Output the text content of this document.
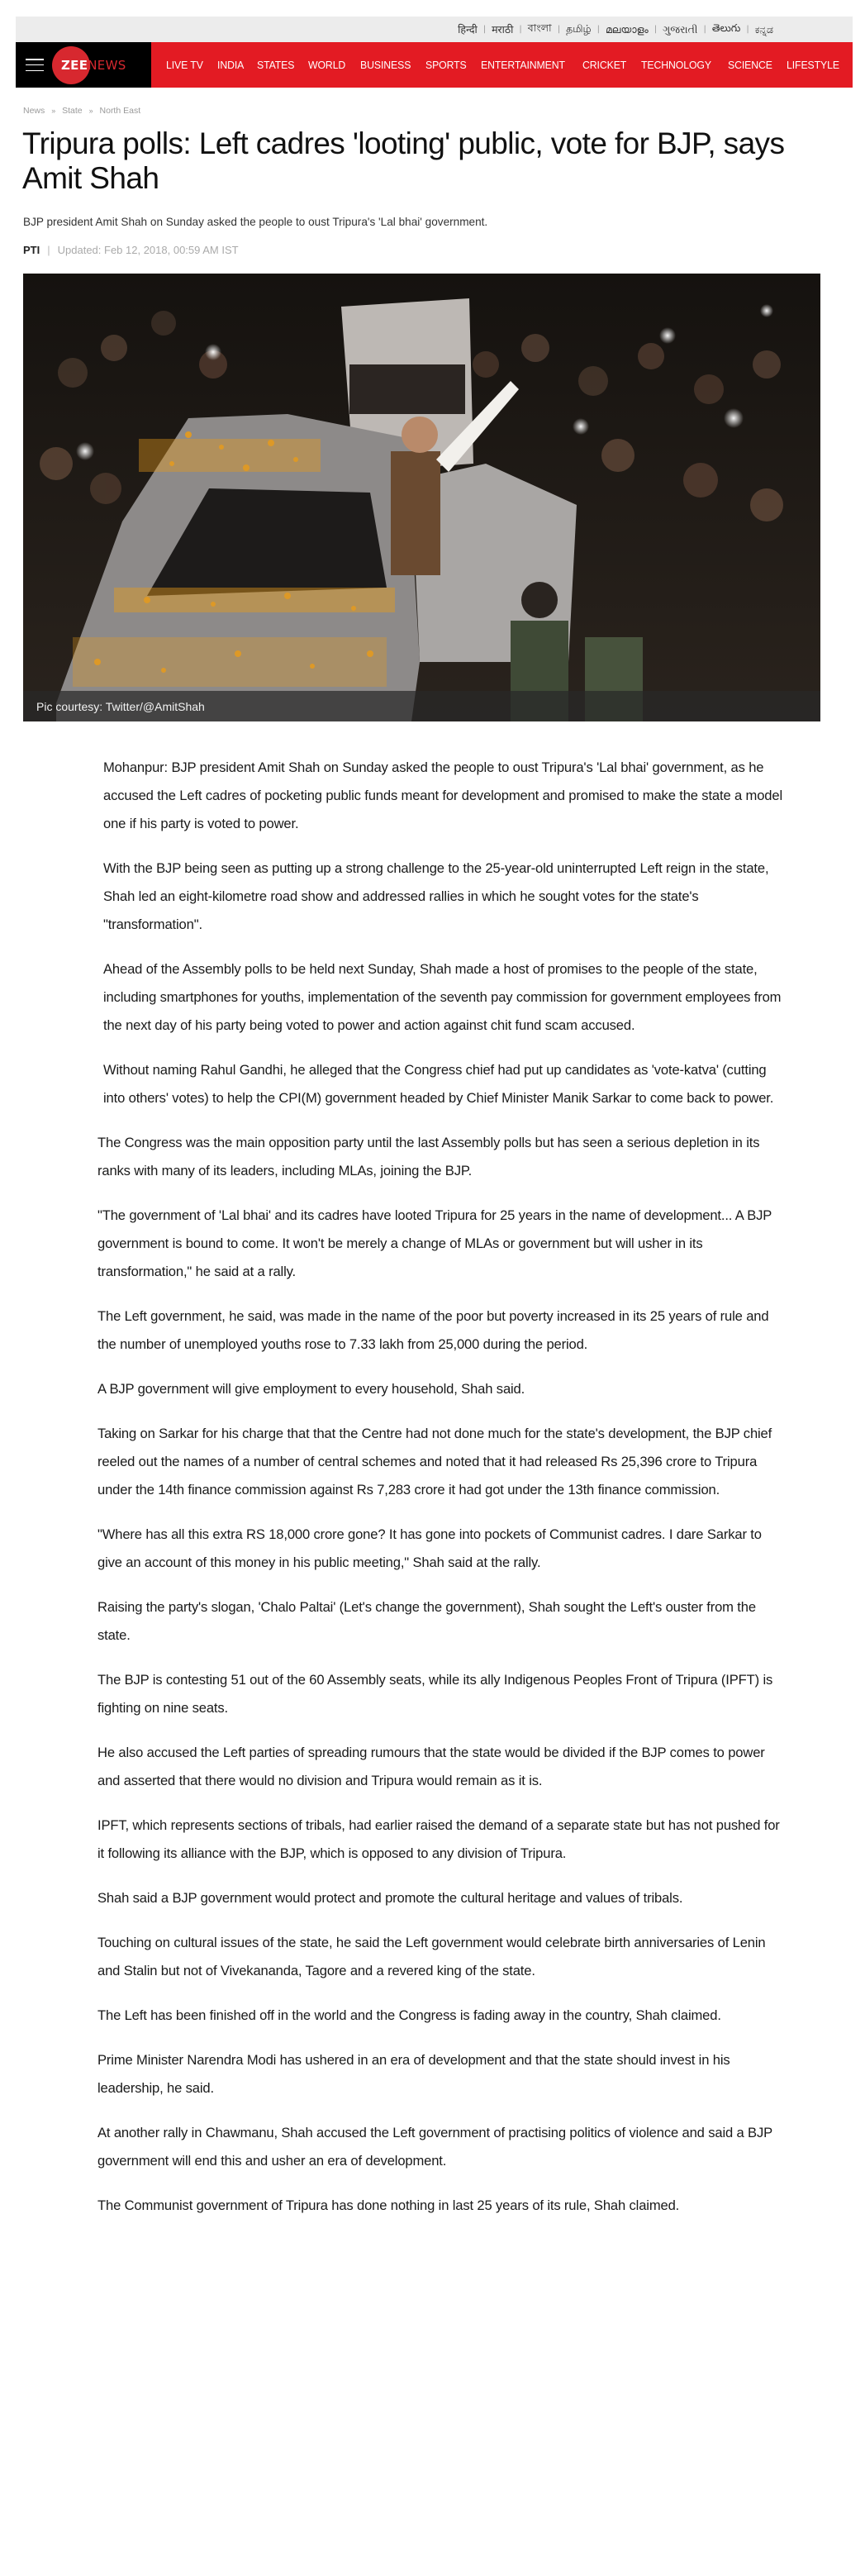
हिन्दी | मराठी | বাংলা | தமிழ் | മലയാളം | ગુજરાતી | తెలుగు | ಕನ್ನಡ
ZEENEWS	LIVE TV INDIA STATES WORLD BUSINESS SPORTS ENTERTAINMENT CRICKET TECHNOLOGY SCIENCE LIFESTYLE
News » State » North East
Tripura polls: Left cadres 'looting' public, vote for BJP, says Amit Shah
BJP president Amit Shah on Sunday asked the people to oust Tripura's 'Lal bhai' government.
PTI | Updated: Feb 12, 2018, 00:59 AM IST
Pic courtesy: Twitter/@AmitShah

Mohanpur: BJP president Amit Shah on Sunday asked the people to oust Tripura's 'Lal bhai' government, as he accused the Left cadres of pocketing public funds meant for development and promised to make the state a model one if his party is voted to power.

With the BJP being seen as putting up a strong challenge to the 25-year-old uninterrupted Left reign in the state, Shah led an eight-kilometre road show and addressed rallies in which he sought votes for the state's "transformation".

Ahead of the Assembly polls to be held next Sunday, Shah made a host of promises to the people of the state, including smartphones for youths, implementation of the seventh pay commission for government employees from the next day of his party being voted to power and action against chit fund scam accused.

Without naming Rahul Gandhi, he alleged that the Congress chief had put up candidates as 'vote-katva' (cutting into others' votes) to help the CPI(M) government headed by Chief Minister Manik Sarkar to come back to power.

The Congress was the main opposition party until the last Assembly polls but has seen a serious depletion in its ranks with many of its leaders, including MLAs, joining the BJP.

"The government of 'Lal bhai' and its cadres have looted Tripura for 25 years in the name of development... A BJP government is bound to come. It won't be merely a change of MLAs or government but will usher in its transformation," he said at a rally.

The Left government, he said, was made in the name of the poor but poverty increased in its 25 years of rule and the number of unemployed youths rose to 7.33 lakh from 25,000 during the period.

A BJP government will give employment to every household, Shah said.

Taking on Sarkar for his charge that that the Centre had not done much for the state's development, the BJP chief reeled out the names of a number of central schemes and noted that it had released Rs 25,396 crore to Tripura under the 14th finance commission against Rs 7,283 crore it had got under the 13th finance commission.

"Where has all this extra RS 18,000 crore gone? It has gone into pockets of Communist cadres. I dare Sarkar to give an account of this money in his public meeting," Shah said at the rally.

Raising the party's slogan, 'Chalo Paltai' (Let's change the government), Shah sought the Left's ouster from the state.

The BJP is contesting 51 out of the 60 Assembly seats, while its ally Indigenous Peoples Front of Tripura (IPFT) is fighting on nine seats.

He also accused the Left parties of spreading rumours that the state would be divided if the BJP comes to power and asserted that there would no division and Tripura would remain as it is.

IPFT, which represents sections of tribals, had earlier raised the demand of a separate state but has not pushed for it following its alliance with the BJP, which is opposed to any division of Tripura.

Shah said a BJP government would protect and promote the cultural heritage and values of tribals.

Touching on cultural issues of the state, he said the Left government would celebrate birth anniversaries of Lenin and Stalin but not of Vivekananda, Tagore and a revered king of the state.

The Left has been finished off in the world and the Congress is fading away in the country, Shah claimed.

Prime Minister Narendra Modi has ushered in an era of development and that the state should invest in his leadership, he said.

At another rally in Chawmanu, Shah accused the Left government of practising politics of violence and said a BJP government will end this and usher an era of development.

The Communist government of Tripura has done nothing in last 25 years of its rule, Shah claimed.
